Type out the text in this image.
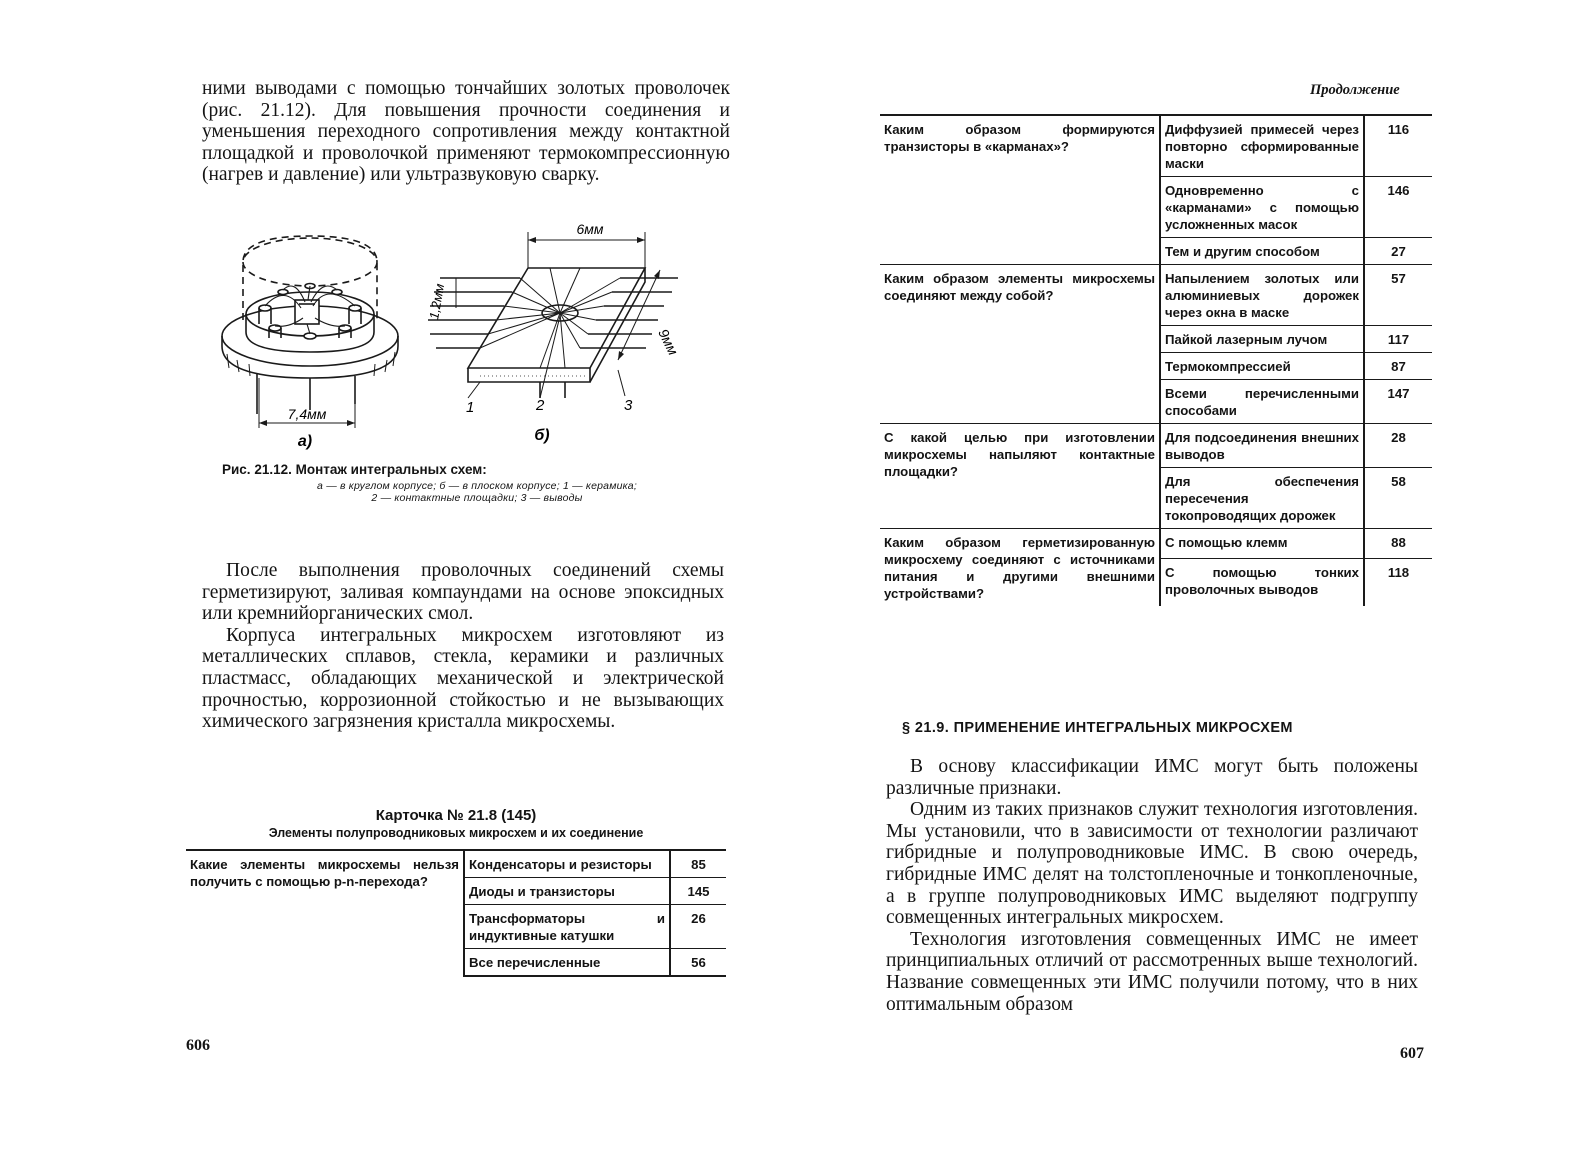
ними выводами с помощью тончайших золотых проволочек (рис. 21.12). Для повышения прочности соединения и уменьшения переходного сопротивления между контактной площадкой и проволочкой применяют термокомпрессионную (нагрев и давление) или ультразвуковую сварку.

7,4мм
а)
6мм
1,2мм
9мм
1	2	3
б)

Рис. 21.12. Монтаж интегральных схем:

а — в круглом корпусе; б — в плоском корпусе; 1 — керамика;

2 — контактные площадки; 3 — выводы

После выполнения проволочных соединений схемы герметизируют, заливая компаундами на основе эпоксидных или кремнийорганических смол.

Корпуса интегральных микросхем изготовляют из металлических сплавов, стекла, керамики и различных пластмасс, обладающих механической и электрической прочностью, коррозионной стойкостью и не вызывающих химического загрязнения кристалла микросхемы.

Карточка № 21.8 (145)

Элементы полупроводниковых микросхем и их соединение

Какие элементы микросхемы нельзя получить с помощью p-n-перехода?	Конденсаторы и резисторы	85
	Диоды и транзисторы	145
	Трансформаторы и индуктивные катушки	26
	Все перечисленные	56
606
Продолжение
Каким образом формируются транзисторы в «карманах»?	Диффузией примесей через повторно сформированные маски	116
	Одновременно с «карманами» с помощью усложненных масок	146
	Тем и другим способом	27
Каким образом элементы микросхемы соединяют между собой?	Напылением золотых или алюминиевых дорожек через окна в маске	57
	Пайкой лазерным лучом	117
	Термокомпрессией	87
	Всеми перечисленными способами	147
С какой целью при изготовлении микросхемы напыляют контактные площадки?	Для подсоединения внешних выводов	28
	Для обеспечения пересечения токопроводящих дорожек	58
Каким образом герметизированную микросхему соединяют с источниками питания и другими внешними устройствами?	С помощью клемм	88
	С помощью тонких проволочных выводов	118
§ 21.9. ПРИМЕНЕНИЕ ИНТЕГРАЛЬНЫХ МИКРОСХЕМ

В основу классификации ИМС могут быть положены различные признаки.

Одним из таких признаков служит технология изготовления. Мы установили, что в зависимости от технологии различают гибридные и полупроводниковые ИМС. В свою очередь, гибридные ИМС делят на толстопленочные и тонкопленочные, а в группе полупроводниковых ИМС выделяют подгруппу совмещенных интегральных микросхем.

Технология изготовления совмещенных ИМС не имеет принципиальных отличий от рассмотренных выше технологий. Название совмещенных эти ИМС получили потому, что в них оптимальным образом

607
